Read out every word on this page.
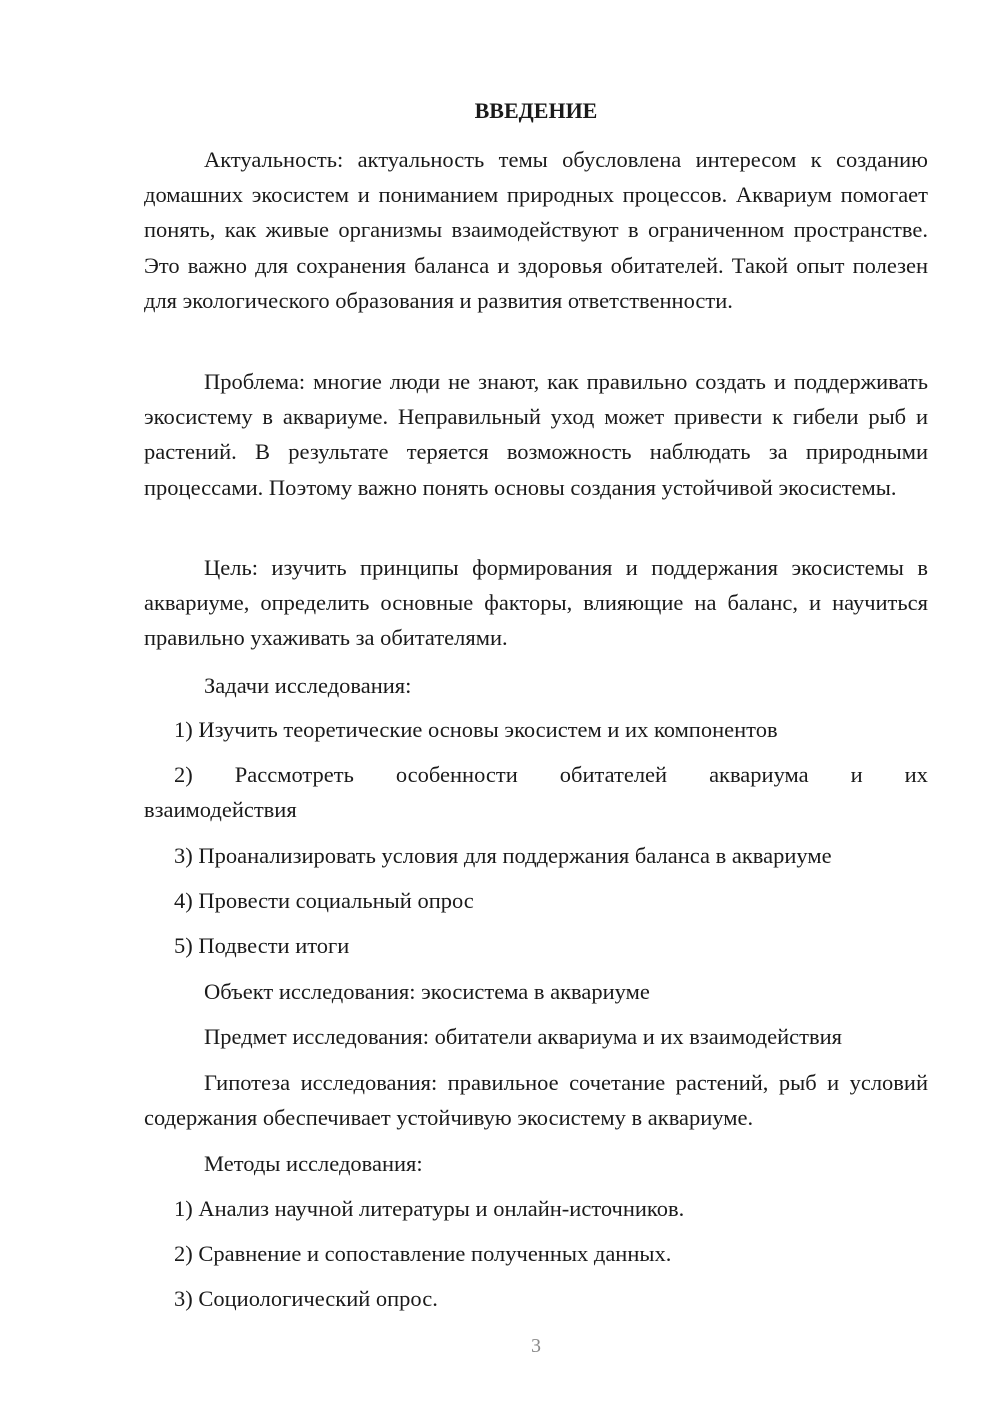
ВВЕДЕНИЕ

Актуальность: актуальность темы обусловлена интересом к созданию домашних экосистем и пониманием природных процессов. Аквариум помогает понять, как живые организмы взаимодействуют в ограниченном пространстве. Это важно для сохранения баланса и здоровья обитателей. Такой опыт полезен для экологического образования и развития ответственности.

Проблема: многие люди не знают, как правильно создать и поддерживать экосистему в аквариуме. Неправильный уход может привести к гибели рыб и растений. В результате теряется возможность наблюдать за природными процессами. Поэтому важно понять основы создания устойчивой экосистемы.

Цель: изучить принципы формирования и поддержания экосистемы в аквариуме, определить основные факторы, влияющие на баланс, и научиться правильно ухаживать за обитателями.

Задачи исследования:

1) Изучить теоретические основы экосистем и их компонентов

2) Рассмотреть особенности обитателей аквариума и их
взаимодействия

3) Проанализировать условия для поддержания баланса в аквариуме

4) Провести социальный опрос

5) Подвести итоги

Объект исследования: экосистема в аквариуме

Предмет исследования: обитатели аквариума и их взаимодействия

Гипотеза исследования: правильное сочетание растений, рыб и условий содержания обеспечивает устойчивую экосистему в аквариуме.

Методы исследования:

1) Анализ научной литературы и онлайн-источников.

2) Сравнение и сопоставление полученных данных.

3) Социологический опрос.

3
